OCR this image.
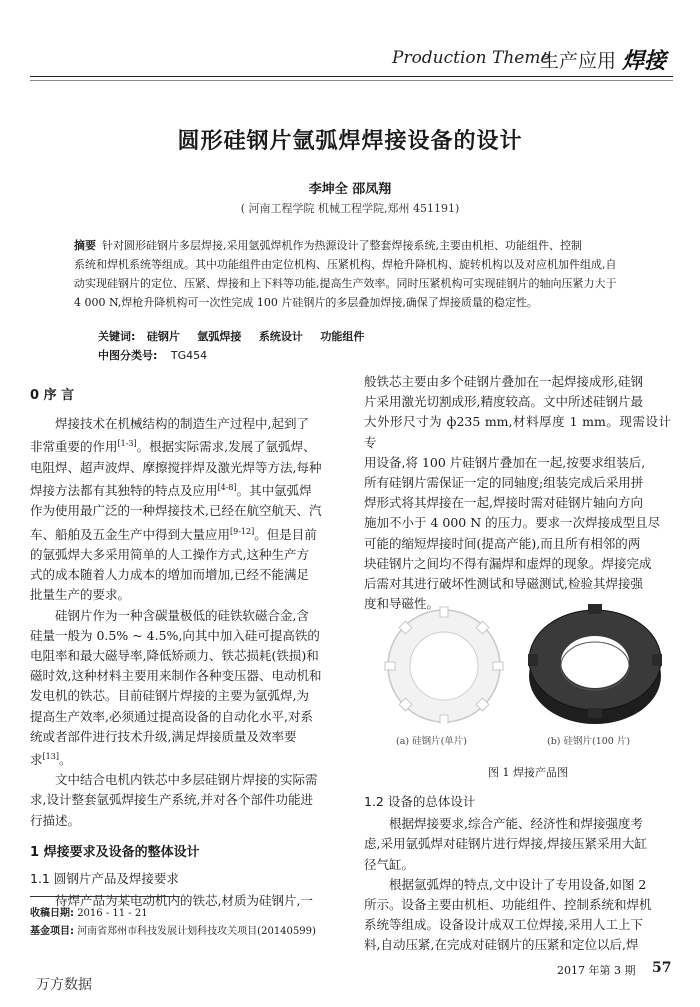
Production Theme
生产应用 焊接
圆形硅钢片氩弧焊焊接设备的设计
李坤全 邵凤翔
( 河南工程学院 机械工程学院,郑州 451191)
摘要 针对圆形硅钢片多层焊接,采用氩弧焊机作为热源设计了整套焊接系统,主要由机柜、功能组件、控制
系统和焊机系统等组成。其中功能组件由定位机构、压紧机构、焊枪升降机构、旋转机构以及对应机加件组成,自
动实现硅钢片的定位、压紧、焊接和上下料等功能,提高生产效率。同时压紧机构可实现硅钢片的轴向压紧力大于
4 000 N,焊枪升降机构可一次性完成 100 片硅钢片的多层叠加焊接,确保了焊接质量的稳定性。
关键词: 硅钢片 氩弧焊接 系统设计 功能组件
中图分类号: TG454
0 序 言
焊接技术在机械结构的制造生产过程中,起到了
非常重要的作用[1-3]。根据实际需求,发展了氩弧焊、
电阻焊、超声波焊、摩擦搅拌焊及激光焊等方法,每种
焊接方法都有其独特的特点及应用[4-8]。其中氩弧焊
作为使用最广泛的一种焊接技术,已经在航空航天、汽
车、船舶及五金生产中得到大量应用[9-12]。但是目前
的氩弧焊大多采用简单的人工操作方式,这种生产方
式的成本随着人力成本的增加而增加,已经不能满足
批量生产的要求。
硅钢片作为一种含碳量极低的硅铁软磁合金,含
硅量一般为 0.5% ~ 4.5%,向其中加入硅可提高铁的
电阻率和最大磁导率,降低矫顽力、铁芯损耗(铁损)和
磁时效,这种材料主要用来制作各种变压器、电动机和
发电机的铁芯。目前硅钢片焊接的主要为氩弧焊,为
提高生产效率,必须通过提高设备的自动化水平,对系
统或者部件进行技术升级,满足焊接质量及效率要
求[13]。
文中结合电机内铁芯中多层硅钢片焊接的实际需
求,设计整套氩弧焊接生产系统,并对各个部件功能进
行描述。
1 焊接要求及设备的整体设计
1.1 圆钢片产品及焊接要求
待焊产品为某电动机内的铁芯,材质为硅钢片,一
收稿日期: 2016 - 11 - 21
基金项目: 河南省郑州市科技发展计划科技攻关项目(20140599)
般铁芯主要由多个硅钢片叠加在一起焊接成形,硅钢
片采用激光切割成形,精度较高。文中所述硅钢片最
大外形尺寸为 ф235 mm,材料厚度 1 mm。现需设计专
用设备,将 100 片硅钢片叠加在一起,按要求组装后,
所有硅钢片需保证一定的同轴度;组装完成后采用拼
焊形式将其焊接在一起,焊接时需对硅钢片轴向方向
施加不小于 4 000 N 的压力。要求一次焊接成型且尽
可能的缩短焊接时间(提高产能),而且所有相邻的两
块硅钢片之间均不得有漏焊和虚焊的现象。焊接完成
后需对其进行破坏性测试和导磁测试,检验其焊接强
度和导磁性。
(a) 硅钢片(单片)	(b) 硅钢片(100 片)
图 1 焊接产品图
1.2 设备的总体设计
根据焊接要求,综合产能、经济性和焊接强度考
虑,采用氩弧焊对硅钢片进行焊接,焊接压紧采用大缸
径气缸。
根据氩弧焊的特点,文中设计了专用设备,如图 2
所示。设备主要由机柜、功能组件、控制系统和焊机
系统等组成。设备设计成双工位焊接,采用人工上下
料,自动压紧,在完成对硅钢片的压紧和定位以后,焊
2017 年第 3 期 57
万方数据
